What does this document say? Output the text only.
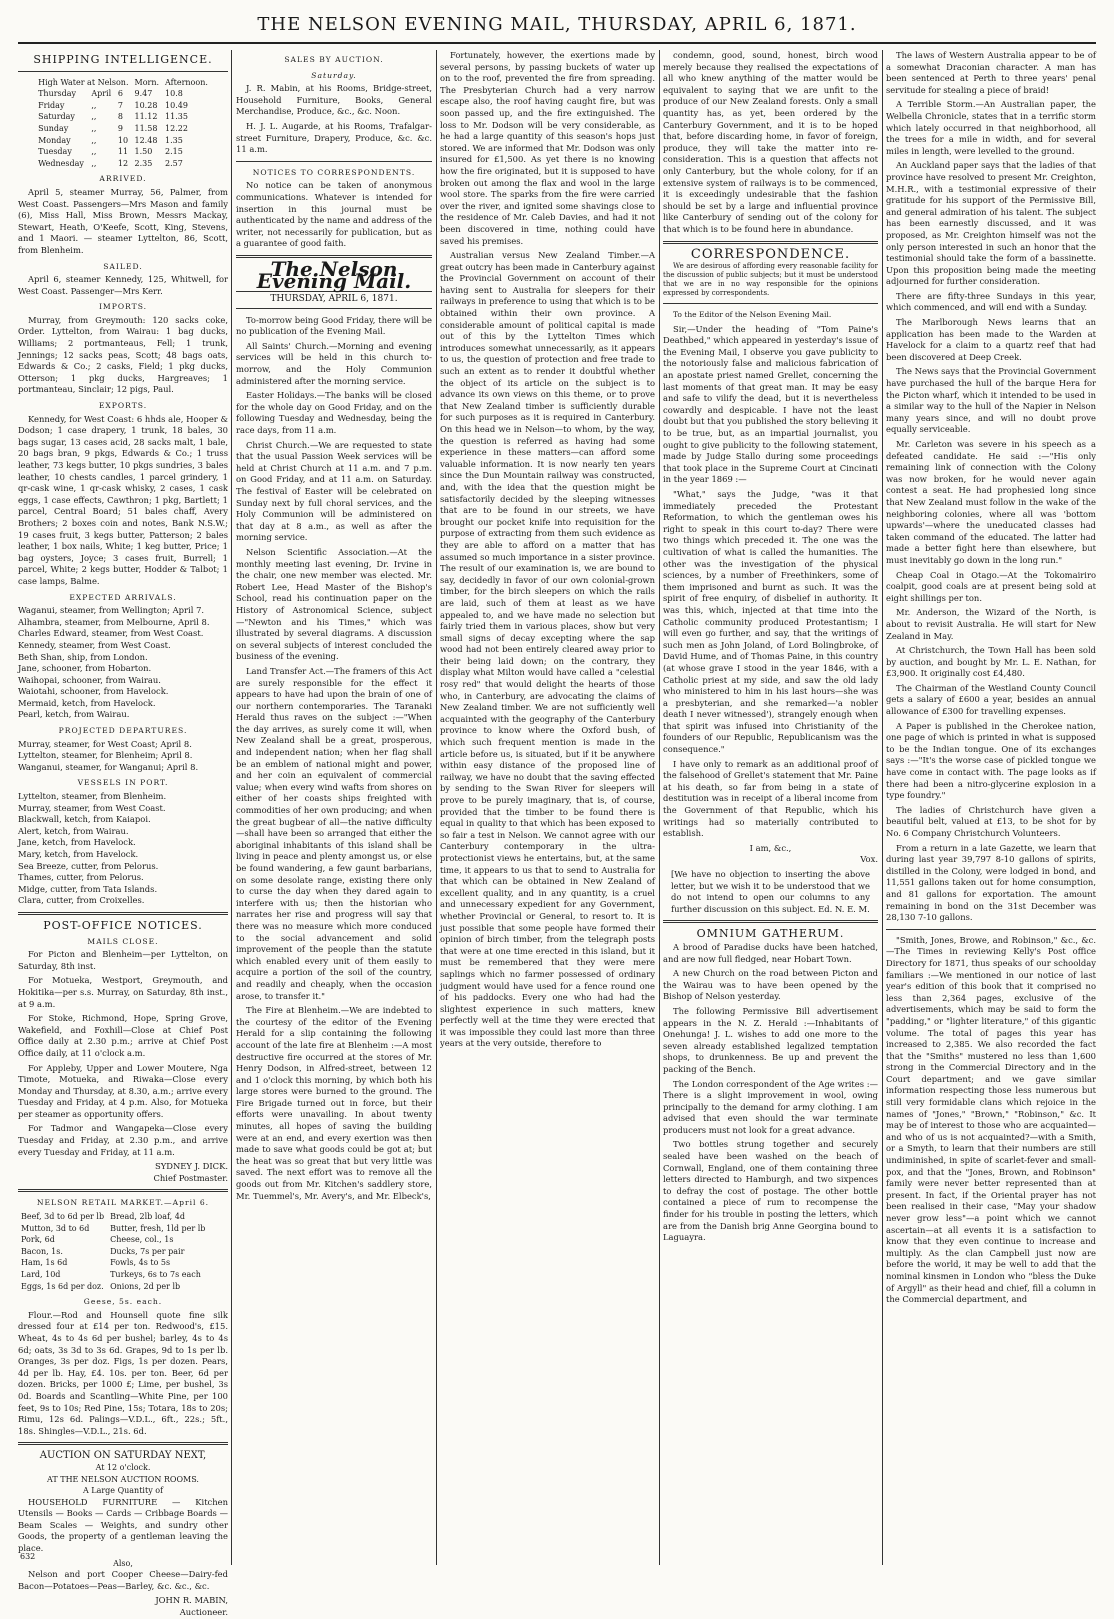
THE NELSON EVENING MAIL, THURSDAY, APRIL 6, 1871.
SHIPPING INTELLIGENCE.
High Water at Nelson.			Morn.	Afternoon.
Thursday	April	6	9.47	10.8
Friday	,,	7	10.28	10.49
Saturday	,,	8	11.12	11.35
Sunday	,,	9	11.58	12.22
Monday	,,	10	12.48	1.35
Tuesday	,,	11	1.50	2.15
Wednesday	,,	12	2.35	2.57
ARRIVED.

April 5, steamer Murray, 56, Palmer, from West Coast. Passengers—Mrs Mason and family (6), Miss Hall, Miss Brown, Messrs Mackay, Stewart, Heath, O'Keefe, Scott, King, Stevens, and 1 Maori. — steamer Lyttelton, 86, Scott, from Blenheim.

SAILED.

April 6, steamer Kennedy, 125, Whitwell, for West Coast. Passenger—Mrs Kerr.

IMPORTS.

Murray, from Greymouth: 120 sacks coke, Order. Lyttelton, from Wairau: 1 bag ducks, Williams; 2 portmanteaus, Fell; 1 trunk, Jennings; 12 sacks peas, Scott; 48 bags oats, Edwards & Co.; 2 casks, Field; 1 pkg ducks, Otterson; 1 pkg ducks, Hargreaves; 1 portmanteau, Sinclair; 12 pigs, Paul.

EXPORTS.

Kennedy, for West Coast: 6 hhds ale, Hooper & Dodson; 1 case drapery, 1 trunk, 18 bales, 30 bags sugar, 13 cases acid, 28 sacks malt, 1 bale, 20 bags bran, 9 pkgs, Edwards & Co.; 1 truss leather, 73 kegs butter, 10 pkgs sundries, 3 bales leather, 10 chests candles, 1 parcel grindery, 1 qr-cask wine, 1 qr-cask whisky, 2 cases, 1 cask eggs, 1 case effects, Cawthron; 1 pkg, Bartlett; 1 parcel, Central Board; 51 bales chaff, Avery Brothers; 2 boxes coin and notes, Bank N.S.W.; 19 cases fruit, 3 kegs butter, Patterson; 2 bales leather, 1 box nails, White; 1 keg butter, Price; 1 bag oysters, Joyce; 3 cases fruit, Burrell; 1 parcel, White; 2 kegs butter, Hodder & Talbot; 1 case lamps, Balme.

EXPECTED ARRIVALS.

Waganui, steamer, from Wellington; April 7.

Alhambra, steamer, from Melbourne, April 8.

Charles Edward, steamer, from West Coast.

Kennedy, steamer, from West Coast.

Beth Shan, ship, from London.

Jane, schooner, from Hobarton.

Waihopai, schooner, from Wairau.

Waiotahi, schooner, from Havelock.

Mermaid, ketch, from Havelock.

Pearl, ketch, from Wairau.

PROJECTED DEPARTURES.

Murray, steamer, for West Coast; April 8.

Lyttelton, steamer, for Blenheim; April 8.

Wanganui, steamer, for Wanganui; April 8.

VESSELS IN PORT.

Lyttelton, steamer, from Blenheim.

Murray, steamer, from West Coast.

Blackwall, ketch, from Kaiapoi.

Alert, ketch, from Wairau.

Jane, ketch, from Havelock.

Mary, ketch, from Havelock.

Sea Breeze, cutter, from Pelorus.

Thames, cutter, from Pelorus.

Midge, cutter, from Tata Islands.

Clara, cutter, from Croixelles.

POST-OFFICE NOTICES.
MAILS CLOSE.

For Picton and Blenheim—per Lyttelton, on Saturday, 8th inst.

For Motueka, Westport, Greymouth, and Hokitika—per s.s. Murray, on Saturday, 8th inst., at 9 a.m.

For Stoke, Richmond, Hope, Spring Grove, Wakefield, and Foxhill—Close at Chief Post Office daily at 2.30 p.m.; arrive at Chief Post Office daily, at 11 o'clock a.m.

For Appleby, Upper and Lower Moutere, Nga Timote, Motueka, and Riwaka—Close every Monday and Thursday, at 8.30, a.m.; arrive every Tuesday and Friday, at 4 p.m. Also, for Motueka per steamer as opportunity offers.

For Tadmor and Wangapeka—Close every Tuesday and Friday, at 2.30 p.m., and arrive every Tuesday and Friday, at 11 a.m.

SYDNEY J. DICK.

Chief Postmaster.

NELSON RETAIL MARKET.—April 6.
Beef, 3d to 6d per lb	Bread, 2lb loaf, 4d
Mutton, 3d to 6d	Butter, fresh, 1ld per lb
Pork, 6d	Cheese, col., 1s
Bacon, 1s.	Ducks, 7s per pair
Ham, 1s 6d	Fowls, 4s to 5s
Lard, 10d	Turkeys, 6s to 7s each
Eggs, 1s 6d per doz.	Onions, 2d per lb
Geese, 5s. each.

Flour.—Rod and Hounsell quote fine silk dressed four at £14 per ton. Redwood's, £15. Wheat, 4s to 4s 6d per bushel; barley, 4s to 4s 6d; oats, 3s 3d to 3s 6d. Grapes, 9d to 1s per lb. Oranges, 3s per doz. Figs, 1s per dozen. Pears, 4d per lb. Hay, £4. 10s. per ton. Beer, 6d per dozen. Bricks, per 1000 £; Lime, per bushel, 3s 0d. Boards and Scantling—White Pine, per 100 feet, 9s to 10s; Red Pine, 15s; Totara, 18s to 20s; Rimu, 12s 6d. Palings—V.D.L., 6ft., 22s.; 5ft., 18s. Shingles—V.D.L., 21s. 6d.

AUCTION ON SATURDAY NEXT,
At 12 o'clock.
AT THE NELSON AUCTION ROOMS.
A Large Quantity of

HOUSEHOLD FURNITURE — Kitchen Utensils — Books — Cards — Cribbage Boards — Beam Scales — Weights, and sundry other Goods, the property of a gentleman leaving the place.

Also,

Nelson and port Cooper Cheese—Dairy-fed Bacon—Potatoes—Peas—Barley, &c. &c., &c.

JOHN R. MABIN,

Auctioneer.

SALES BY AUCTION.
Saturday.

J. R. Mabin, at his Rooms, Bridge-street, Household Furniture, Books, General Merchandise, Produce, &c., &c. Noon.

H. J. L. Augarde, at his Rooms, Trafalgar-street Furniture, Drapery, Produce, &c. &c. 11 a.m.

NOTICES TO CORRESPONDENTS.

No notice can be taken of anonymous communications. Whatever is intended for insertion in this journal must be authenticated by the name and address of the writer, not necessarily for publication, but as a guarantee of good faith.

The Nelson Evening Mail.
THURSDAY, APRIL 6, 1871.

To-morrow being Good Friday, there will be no publication of the Evening Mail.

All Saints' Church.—Morning and evening services will be held in this church to-morrow, and the Holy Communion administered after the morning service.

Easter Holidays.—The banks will be closed for the whole day on Good Friday, and on the following Tuesday and Wednesday, being the race days, from 11 a.m.

Christ Church.—We are requested to state that the usual Passion Week services will be held at Christ Church at 11 a.m. and 7 p.m. on Good Friday, and at 11 a.m. on Saturday. The festival of Easter will be celebrated on Sunday next by full choral services, and the Holy Communion will be administered on that day at 8 a.m., as well as after the morning service.

Nelson Scientific Association.—At the monthly meeting last evening, Dr. Irvine in the chair, one new member was elected. Mr. Robert Lee, Head Master of the Bishop's School, read his continuation paper on the History of Astronomical Science, subject—"Newton and his Times," which was illustrated by several diagrams. A discussion on several subjects of interest concluded the business of the evening.

Land Transfer Act.—The framers of this Act are surely responsible for the effect it appears to have had upon the brain of one of our northern contemporaries. The Taranaki Herald thus raves on the subject :—"When the day arrives, as surely come it will, when New Zealand shall be a great, prosperous, and independent nation; when her flag shall be an emblem of national might and power, and her coin an equivalent of commercial value; when every wind wafts from shores on either of her coasts ships freighted with commodities of her own producing; and when the great bugbear of all—the native difficulty—shall have been so arranged that either the aboriginal inhabitants of this island shall be living in peace and plenty amongst us, or else be found wandering, a few gaunt barbarians, on some desolate range, existing there only to curse the day when they dared again to interfere with us; then the historian who narrates her rise and progress will say that there was no measure which more conduced to the social advancement and solid improvement of the people than the statute which enabled every unit of them easily to acquire a portion of the soil of the country, and readily and cheaply, when the occasion arose, to transfer it."

The Fire at Blenheim.—We are indebted to the courtesy of the editor of the Evening Herald for a slip containing the following account of the late fire at Blenheim :—A most destructive fire occurred at the stores of Mr. Henry Dodson, in Alfred-street, between 12 and 1 o'clock this morning, by which both his large stores were burned to the ground. The Fire Brigade turned out in force, but their efforts were unavailing. In about twenty minutes, all hopes of saving the building were at an end, and every exertion was then made to save what goods could be got at; but the heat was so great that but very little was saved. The next effort was to remove all the goods out from Mr. Kitchen's saddlery store, Mr. Tuemmel's, Mr. Avery's, and Mr. Elbeck's,

Fortunately, however, the exertions made by several persons, by passing buckets of water up on to the roof, prevented the fire from spreading. The Presbyterian Church had a very narrow escape also, the roof having caught fire, but was soon passed up, and the fire extinguished. The loss to Mr. Dodson will be very considerable, as he had a large quantity of this season's hops just stored. We are informed that Mr. Dodson was only insured for £1,500. As yet there is no knowing how the fire originated, but it is supposed to have broken out among the flax and wool in the large wool store. The sparks from the fire were carried over the river, and ignited some shavings close to the residence of Mr. Caleb Davies, and had it not been discovered in time, nothing could have saved his premises.

Australian versus New Zealand Timber.—A great outcry has been made in Canterbury against the Provincial Government on account of their having sent to Australia for sleepers for their railways in preference to using that which is to be obtained within their own province. A considerable amount of political capital is made out of this by the Lyttelton Times which introduces somewhat unnecessarily, as it appears to us, the question of protection and free trade to such an extent as to render it doubtful whether the object of its article on the subject is to advance its own views on this theme, or to prove that New Zealand timber is sufficiently durable for such purposes as it is required in Canterbury. On this head we in Nelson—to whom, by the way, the question is referred as having had some experience in these matters—can afford some valuable information. It is now nearly ten years since the Dun Mountain railway was constructed, and, with the idea that the question might be satisfactorily decided by the sleeping witnesses that are to be found in our streets, we have brought our pocket knife into requisition for the purpose of extracting from them such evidence as they are able to afford on a matter that has assumed so much importance in a sister province. The result of our examination is, we are bound to say, decidedly in favor of our own colonial-grown timber, for the birch sleepers on which the rails are laid, such of them at least as we have appealed to, and we have made no selection but fairly tried them in various places, show but very small signs of decay excepting where the sap wood had not been entirely cleared away prior to their being laid down; on the contrary, they display what Milton would have called a "celestial rosy red" that would delight the hearts of those who, in Canterbury, are advocating the claims of New Zealand timber. We are not sufficiently well acquainted with the geography of the Canterbury province to know where the Oxford bush, of which such frequent mention is made in the article before us, is situated, but if it be anywhere within easy distance of the proposed line of railway, we have no doubt that the saving effected by sending to the Swan River for sleepers will prove to be purely imaginary, that is, of course, provided that the timber to be found there is equal in quality to that which has been exposed to so fair a test in Nelson. We cannot agree with our Canterbury contemporary in the ultra-protectionist views he entertains, but, at the same time, it appears to us that to send to Australia for that which can be obtained in New Zealand of excellent quality, and in any quantity, is a cruel and unnecessary expedient for any Government, whether Provincial or General, to resort to. It is just possible that some people have formed their opinion of birch timber, from the telegraph posts that were at one time erected in this island, but it must be remembered that they were mere saplings which no farmer possessed of ordinary judgment would have used for a fence round one of his paddocks. Every one who had had the slightest experience in such matters, knew perfectly well at the time they were erected that it was impossible they could last more than three years at the very outside, therefore to

condemn, good, sound, honest, birch wood merely because they realised the expectations of all who knew anything of the matter would be equivalent to saying that we are unfit to the produce of our New Zealand forests. Only a small quantity has, as yet, been ordered by the Canterbury Government, and it is to be hoped that, before discarding home, in favor of foreign, produce, they will take the matter into re-consideration. This is a question that affects not only Canterbury, but the whole colony, for if an extensive system of railways is to be commenced, it is exceedingly undesirable that the fashion should be set by a large and influential province like Canterbury of sending out of the colony for that which is to be found here in abundance.

CORRESPONDENCE.

We are desirous of affording every reasonable facility for the discussion of public subjects; but it must be understood that we are in no way responsible for the opinions expressed by correspondents.

To the Editor of the Nelson Evening Mail.

Sir,—Under the heading of "Tom Paine's Deathbed," which appeared in yesterday's issue of the Evening Mail, I observe you gave publicity to the notoriously false and malicious fabrication of an apostate priest named Grellet, concerning the last moments of that great man. It may be easy and safe to vilify the dead, but it is nevertheless cowardly and despicable. I have not the least doubt but that you published the story believing it to be true, but, as an impartial journalist, you ought to give publicity to the following statement, made by Judge Stallo during some proceedings that took place in the Supreme Court at Cincinati in the year 1869 :—

"What," says the Judge, "was it that immediately preceded the Protestant Reformation, to which the gentleman owes his right to speak in this court to-day? There were two things which preceded it. The one was the cultivation of what is called the humanities. The other was the investigation of the physical sciences, by a number of Freethinkers, some of them imprisoned and burnt as such. It was the spirit of free enquiry, of disbelief in authority. It was this, which, injected at that time into the Catholic community produced Protestantism; I will even go further, and say, that the writings of such men as John Joland, of Lord Bolingbroke, of David Hume, and of Thomas Paine, in this country (at whose grave I stood in the year 1846, with a Catholic priest at my side, and saw the old lady who ministered to him in his last hours—she was a presbyterian, and she remarked—'a nobler death I never witnessed'), strangely enough when that spirit was infused into Christianity of the founders of our Republic, Republicanism was the consequence."

I have only to remark as an additional proof of the falsehood of Grellet's statement that Mr. Paine at his death, so far from being in a state of destitution was in receipt of a liberal income from the Government of that Republic, which his writings had so materially contributed to establish.

I am, &c.,

Vox.

[We have no objection to inserting the above letter, but we wish it to be understood that we do not intend to open our columns to any further discussion on this subject. Ed. N. E. M.

OMNIUM GATHERUM.

A brood of Paradise ducks have been hatched, and are now full fledged, near Hobart Town.

A new Church on the road between Picton and the Wairau was to have been opened by the Bishop of Nelson yesterday.

The following Permissive Bill advertisement appears in the N. Z. Herald :—Inhabitants of Onehunga! J. L. wishes to add one more to the seven already established legalized temptation shops, to drunkenness. Be up and prevent the packing of the Bench.

The London correspondent of the Age writes :—There is a slight improvement in wool, owing principally to the demand for army clothing. I am advised that even should the war terminate producers must not look for a great advance.

Two bottles strung together and securely sealed have been washed on the beach of Cornwall, England, one of them containing three letters directed to Hamburgh, and two sixpences to defray the cost of postage. The other bottle contained a piece of rum to recompense the finder for his trouble in posting the letters, which are from the Danish brig Anne Georgina bound to Laguayra.

The laws of Western Australia appear to be of a somewhat Draconian character. A man has been sentenced at Perth to three years' penal servitude for stealing a piece of braid!

A Terrible Storm.—An Australian paper, the Welbella Chronicle, states that in a terrific storm which lately occurred in that neighborhood, all the trees for a mile in width, and for several miles in length, were levelled to the ground.

An Auckland paper says that the ladies of that province have resolved to present Mr. Creighton, M.H.R., with a testimonial expressive of their gratitude for his support of the Permissive Bill, and general admiration of his talent. The subject has been earnestly discussed, and it was proposed, as Mr. Creighton himself was not the only person interested in such an honor that the testimonial should take the form of a bassinette. Upon this proposition being made the meeting adjourned for further consideration.

There are fifty-three Sundays in this year, which commenced, and will end with a Sunday.

The Marlborough News learns that an application has been made to the Warden at Havelock for a claim to a quartz reef that had been discovered at Deep Creek.

The News says that the Provincial Government have purchased the hull of the barque Hera for the Picton wharf, which it intended to be used in a similar way to the hull of the Napier in Nelson many years since, and will no doubt prove equally serviceable.

Mr. Carleton was severe in his speech as a defeated candidate. He said :—"His only remaining link of connection with the Colony was now broken, for he would never again contest a seat. He had prophesied long since that New Zealand must follow in the wake of the neighboring colonies, where all was 'bottom upwards'—where the uneducated classes had taken command of the educated. The latter had made a better fight here than elsewhere, but must inevitably go down in the long run."

Cheap Coal in Otago.—At the Tokomairiro coalpit, good coals are at present being sold at eight shillings per ton.

Mr. Anderson, the Wizard of the North, is about to revisit Australia. He will start for New Zealand in May.

At Christchurch, the Town Hall has been sold by auction, and bought by Mr. L. E. Nathan, for £3,900. It originally cost £4,480.

The Chairman of the Westland County Council gets a salary of £600 a year, besides an annual allowance of £300 for travelling expenses.

A Paper is published in the Cherokee nation, one page of which is printed in what is supposed to be the Indian tongue. One of its exchanges says :—"It's the worse case of pickled tongue we have come in contact with. The page looks as if there had been a nitro-glycerine explosion in a type foundry."

The ladies of Christchurch have given a beautiful belt, valued at £13, to be shot for by No. 6 Company Christchurch Volunteers.

From a return in a late Gazette, we learn that during last year 39,797 8-10 gallons of spirits, distilled in the Colony, were lodged in bond, and 11,551 gallons taken out for home consumption, and 81 gallons for exportation. The amount remaining in bond on the 31st December was 28,130 7-10 gallons.

"Smith, Jones, Browe, and Robinson," &c., &c.—The Times in reviewing Kelly's Post office Directory for 1871, thus speaks of our schoolday familiars :—We mentioned in our notice of last year's edition of this book that it comprised no less than 2,364 pages, exclusive of the advertisements, which may be said to form the "padding," or "lighter literature," of this gigantic volume. The total of pages this year has increased to 2,385. We also recorded the fact that the "Smiths" mustered no less than 1,600 strong in the Commercial Directory and in the Court department; and we gave similar information respecting those less numerous but still very formidable clans which rejoice in the names of "Jones," "Brown," "Robinson," &c. It may be of interest to those who are acquainted—and who of us is not acquainted?—with a Smith, or a Smyth, to learn that their numbers are still undiminished, in spite of scarlet-fever and small-pox, and that the "Jones, Brown, and Robinson" family were never better represented than at present. In fact, if the Oriental prayer has not been realised in their case, "May your shadow never grow less"—a point which we cannot ascertain—at all events it is a satisfaction to know that they even continue to increase and multiply. As the clan Campbell just now are before the world, it may be well to add that the nominal kinsmen in London who "bless the Duke of Argyll" as their head and chief, fill a column in the Commercial department, and

632
